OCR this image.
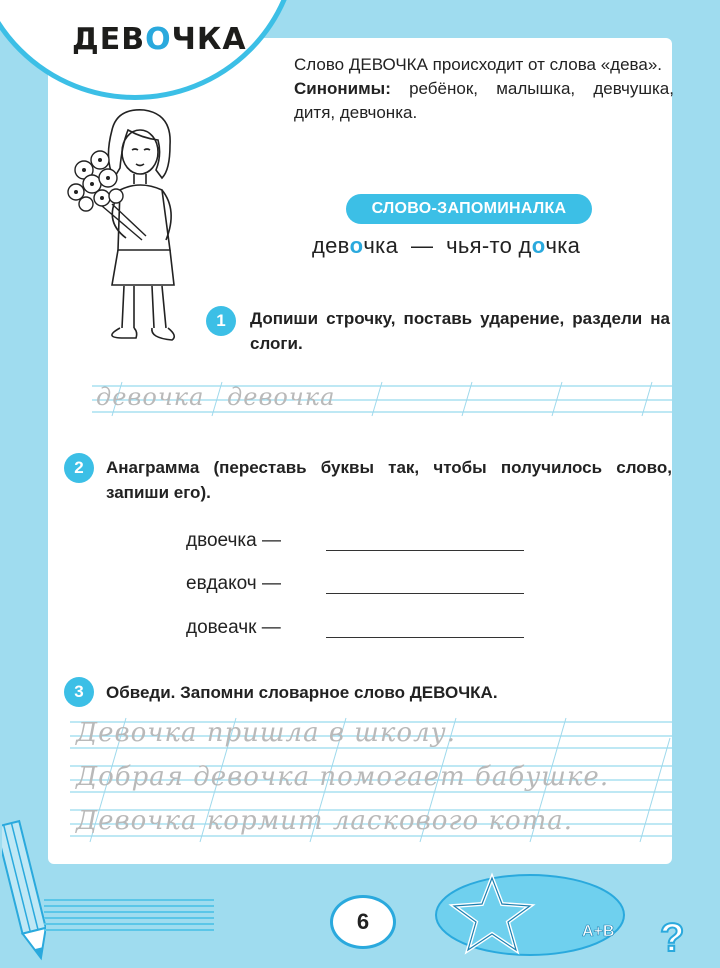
ДЕВОЧКА

Слово ДЕВОЧКА происходит от слова «дева».

Синонимы: ребёнок, малышка, девчушка, дитя, девчонка.

СЛОВО-ЗАПОМИНАЛКА
девочка — чья-то дочка
1	Допиши строчку, поставь ударение, раздели на слоги.
девочка девочка
2	Анаграмма (переставь буквы так, чтобы получилось слово, запиши его).
двоечка —
евдакоч —
довеачк —
3	Обведи. Запомни словарное слово ДЕВОЧКА.
Девочка пришла в школу.
Добрая девочка помогает бабушке.
Девочка кормит ласкового кота.
6	А+В ?
